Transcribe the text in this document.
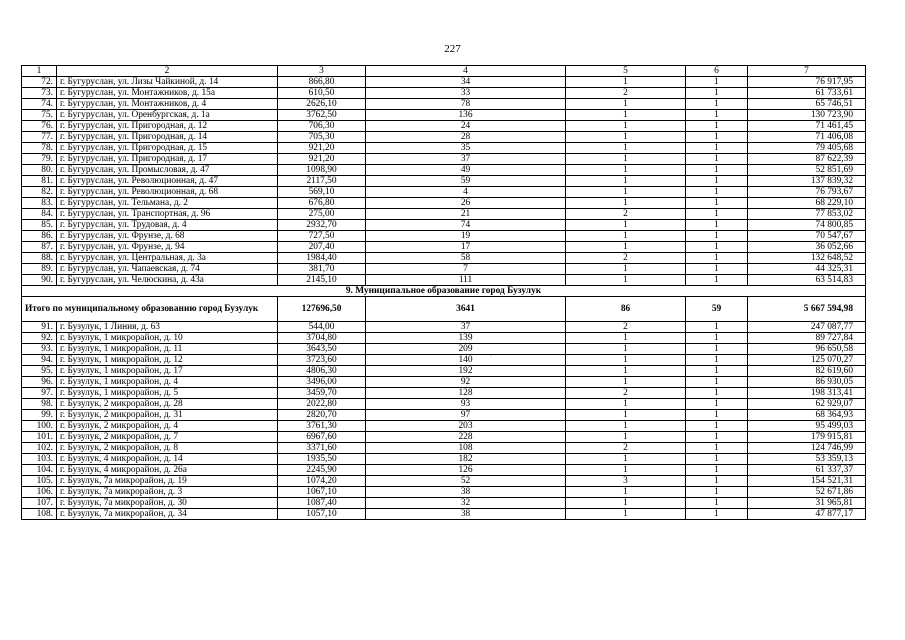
227
·
1	2	3	4	5	6	7
72.	г. Бугуруслан, ул. Лизы Чайкиной, д. 14	866,80	34	1	1	76 917,95
73.	г. Бугуруслан, ул. Монтажников, д. 15а	610,50	33	2	1	61 733,61
74.	г. Бугуруслан, ул. Монтажников, д. 4	2626,10	78	1	1	65 746,51
75.	г. Бугуруслан, ул. Оренбургская, д. 1а	3762,50	136	1	1	130 723,90
76.	г. Бугуруслан, ул. Пригородная, д. 12	706,30	24	1	1	71 461,45
77.	г. Бугуруслан, ул. Пригородная, д. 14	705,30	28	1	1	71 406,08
78.	г. Бугуруслан, ул. Пригородная, д. 15	921,20	35	1	1	79 405,68
79.	г. Бугуруслан, ул. Пригородная, д. 17	921,20	37	1	1	87 622,39
80.	г. Бугуруслан, ул. Промысловая, д. 47	1098,90	49	1	1	52 851,69
81.	г. Бугуруслан, ул. Революционная, д. 47	2117,50	59	1	1	137 839,32
82.	г. Бугуруслан, ул. Революционная, д. 68	569,10	4	1	1	76 793,67
83.	г. Бугуруслан, ул. Тельмана, д. 2	676,80	26	1	1	68 229,10
84.	г. Бугуруслан, ул. Транспортная, д. 96	275,00	21	2	1	77 853,02
85.	г. Бугуруслан, ул. Трудовая, д. 4	2932,70	74	1	1	74 800,85
86.	г. Бугуруслан, ул. Фрунзе, д. 68	727,50	19	1	1	70 547,67
87.	г. Бугуруслан, ул. Фрунзе, д. 94	207,40	17	1	1	36 052,66
88.	г. Бугуруслан, ул. Центральная, д. 3а	1984,40	58	2	1	132 648,52
89.	г. Бугуруслан, ул. Чапаевская, д. 74	381,70	7	1	1	44 325,31
90.	г. Бугуруслан, ул. Челюскина, д. 43а	2145,10	111	1	1	63 514,83
9. Муниципальное образование город Бузулук						
Итого по муниципальному образованию город Бузулук		127696,50	3641	86	59	5 667 594,98
91.	г. Бузулук, 1 Линия, д. 63	544,00	37	2	1	247 087,77
92.	г. Бузулук, 1 микрорайон, д. 10	3704,80	139	1	1	89 727,84
93.	г. Бузулук, 1 микрорайон, д. 11	3643,50	209	1	1	96 650,58
94.	г. Бузулук, 1 микрорайон, д. 12	3723,60	140	1	1	125 070,27
95.	г. Бузулук, 1 микрорайон, д. 17	4806,30	192	1	1	82 619,60
96.	г. Бузулук, 1 микрорайон, д. 4	3496,00	92	1	1	86 930,05
97.	г. Бузулук, 1 микрорайон, д. 5	3459,70	128	2	1	198 313,41
98.	г. Бузулук, 2 микрорайон, д. 28	2022,80	93	1	1	62 929,07
99.	г. Бузулук, 2 микрорайон, д. 31	2820,70	97	1	1	68 364,93
100.	г. Бузулук, 2 микрорайон, д. 4	3761,30	203	1	1	95 499,03
101.	г. Бузулук, 2 микрорайон, д. 7	6967,60	228	1	1	179 915,81
102.	г. Бузулук, 2 микрорайон, д. 8	3371,60	108	2	1	124 746,99
103.	г. Бузулук, 4 микрорайон, д. 14	1935,50	182	1	1	53 359,13
104.	г. Бузулук, 4 микрорайон, д. 26а	2245,90	126	1	1	61 337,37
105.	г. Бузулук, 7а микрорайон, д. 19	1074,20	52	3	1	154 521,31
106.	г. Бузулук, 7а микрорайон, д. 3	1067,10	38	1	1	52 671,86
107.	г. Бузулук, 7а микрорайон, д. 30	1087,40	32	1	1	31 965,81
108.	г. Бузулук, 7а микрорайон, д. 34	1057,10	38	1	1	47 877,17
